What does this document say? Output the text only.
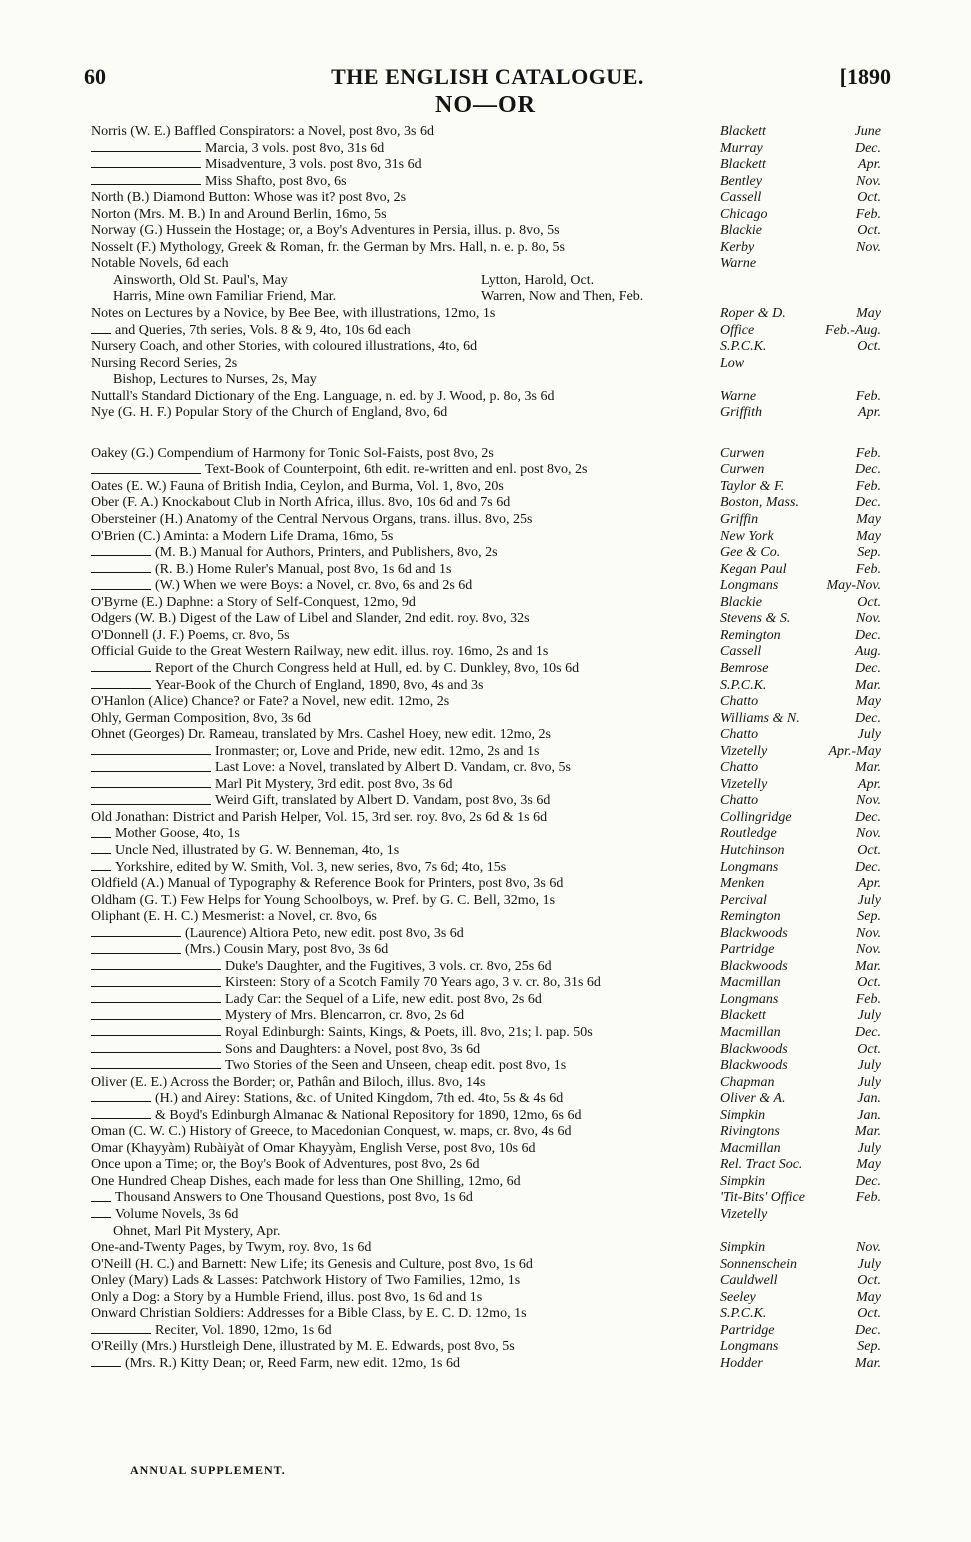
60	THE ENGLISH CATALOGUE.	[1890
NO—OR
Norris (W. E.) Baffled Conspirators: a Novel, post 8vo, 3s 6d	Blackett	June
Marcia, 3 vols. post 8vo, 31s 6d	Murray	Dec.
Misadventure, 3 vols. post 8vo, 31s 6d	Blackett	Apr.
Miss Shafto, post 8vo, 6s	Bentley	Nov.
North (B.) Diamond Button: Whose was it? post 8vo, 2s	Cassell	Oct.
Norton (Mrs. M. B.) In and Around Berlin, 16mo, 5s	Chicago	Feb.
Norway (G.) Hussein the Hostage; or, a Boy's Adventures in Persia, illus. p. 8vo, 5s	Blackie	Oct.
Nosselt (F.) Mythology, Greek & Roman, fr. the German by Mrs. Hall, n. e. p. 8o, 5s	Kerby	Nov.
Notable Novels, 6d each	Warne
Ainsworth, Old St. Paul's, May	Lytton, Harold, Oct.
Harris, Mine own Familiar Friend, Mar.	Warren, Now and Then, Feb.
Notes on Lectures by a Novice, by Bee Bee, with illustrations, 12mo, 1s	Roper & D.	May
and Queries, 7th series, Vols. 8 & 9, 4to, 10s 6d each	Office	Feb.-Aug.
Nursery Coach, and other Stories, with coloured illustrations, 4to, 6d	S.P.C.K.	Oct.
Nursing Record Series, 2s	Low
Bishop, Lectures to Nurses, 2s, May
Nuttall's Standard Dictionary of the Eng. Language, n. ed. by J. Wood, p. 8o, 3s 6d	Warne	Feb.
Nye (G. H. F.) Popular Story of the Church of England, 8vo, 6d	Griffith	Apr.
Oakey (G.) Compendium of Harmony for Tonic Sol-Faists, post 8vo, 2s	Curwen	Feb.
Text-Book of Counterpoint, 6th edit. re-written and enl. post 8vo, 2s	Curwen	Dec.
Oates (E. W.) Fauna of British India, Ceylon, and Burma, Vol. 1, 8vo, 20s	Taylor & F.	Feb.
Ober (F. A.) Knockabout Club in North Africa, illus. 8vo, 10s 6d and 7s 6d	Boston, Mass.	Dec.
Obersteiner (H.) Anatomy of the Central Nervous Organs, trans. illus. 8vo, 25s	Griffin	May
O'Brien (C.) Aminta: a Modern Life Drama, 16mo, 5s	New York	May
(M. B.) Manual for Authors, Printers, and Publishers, 8vo, 2s	Gee & Co.	Sep.
(R. B.) Home Ruler's Manual, post 8vo, 1s 6d and 1s	Kegan Paul	Feb.
(W.) When we were Boys: a Novel, cr. 8vo, 6s and 2s 6d	Longmans	May-Nov.
O'Byrne (E.) Daphne: a Story of Self-Conquest, 12mo, 9d	Blackie	Oct.
Odgers (W. B.) Digest of the Law of Libel and Slander, 2nd edit. roy. 8vo, 32s	Stevens & S.	Nov.
O'Donnell (J. F.) Poems, cr. 8vo, 5s	Remington	Dec.
Official Guide to the Great Western Railway, new edit. illus. roy. 16mo, 2s and 1s	Cassell	Aug.
Report of the Church Congress held at Hull, ed. by C. Dunkley, 8vo, 10s 6d	Bemrose	Dec.
Year-Book of the Church of England, 1890, 8vo, 4s and 3s	S.P.C.K.	Mar.
O'Hanlon (Alice) Chance? or Fate? a Novel, new edit. 12mo, 2s	Chatto	May
Ohly, German Composition, 8vo, 3s 6d	Williams & N.	Dec.
Ohnet (Georges) Dr. Rameau, translated by Mrs. Cashel Hoey, new edit. 12mo, 2s	Chatto	July
Ironmaster; or, Love and Pride, new edit. 12mo, 2s and 1s	Vizetelly	Apr.-May
Last Love: a Novel, translated by Albert D. Vandam, cr. 8vo, 5s	Chatto	Mar.
Marl Pit Mystery, 3rd edit. post 8vo, 3s 6d	Vizetelly	Apr.
Weird Gift, translated by Albert D. Vandam, post 8vo, 3s 6d	Chatto	Nov.
Old Jonathan: District and Parish Helper, Vol. 15, 3rd ser. roy. 8vo, 2s 6d & 1s 6d	Collingridge	Dec.
Mother Goose, 4to, 1s	Routledge	Nov.
Uncle Ned, illustrated by G. W. Benneman, 4to, 1s	Hutchinson	Oct.
Yorkshire, edited by W. Smith, Vol. 3, new series, 8vo, 7s 6d; 4to, 15s	Longmans	Dec.
Oldfield (A.) Manual of Typography & Reference Book for Printers, post 8vo, 3s 6d	Menken	Apr.
Oldham (G. T.) Few Helps for Young Schoolboys, w. Pref. by G. C. Bell, 32mo, 1s	Percival	July
Oliphant (E. H. C.) Mesmerist: a Novel, cr. 8vo, 6s	Remington	Sep.
(Laurence) Altiora Peto, new edit. post 8vo, 3s 6d	Blackwoods	Nov.
(Mrs.) Cousin Mary, post 8vo, 3s 6d	Partridge	Nov.
Duke's Daughter, and the Fugitives, 3 vols. cr. 8vo, 25s 6d	Blackwoods	Mar.
Kirsteen: Story of a Scotch Family 70 Years ago, 3 v. cr. 8o, 31s 6d	Macmillan	Oct.
Lady Car: the Sequel of a Life, new edit. post 8vo, 2s 6d	Longmans	Feb.
Mystery of Mrs. Blencarron, cr. 8vo, 2s 6d	Blackett	July
Royal Edinburgh: Saints, Kings, & Poets, ill. 8vo, 21s; l. pap. 50s	Macmillan	Dec.
Sons and Daughters: a Novel, post 8vo, 3s 6d	Blackwoods	Oct.
Two Stories of the Seen and Unseen, cheap edit. post 8vo, 1s	Blackwoods	July
Oliver (E. E.) Across the Border; or, Pathân and Biloch, illus. 8vo, 14s	Chapman	July
(H.) and Airey: Stations, &c. of United Kingdom, 7th ed. 4to, 5s & 4s 6d	Oliver & A.	Jan.
& Boyd's Edinburgh Almanac & National Repository for 1890, 12mo, 6s 6d	Simpkin	Jan.
Oman (C. W. C.) History of Greece, to Macedonian Conquest, w. maps, cr. 8vo, 4s 6d	Rivingtons	Mar.
Omar (Khayyàm) Rubàiyàt of Omar Khayyàm, English Verse, post 8vo, 10s 6d	Macmillan	July
Once upon a Time; or, the Boy's Book of Adventures, post 8vo, 2s 6d	Rel. Tract Soc.	May
One Hundred Cheap Dishes, each made for less than One Shilling, 12mo, 6d	Simpkin	Dec.
Thousand Answers to One Thousand Questions, post 8vo, 1s 6d	'Tit-Bits' Office	Feb.
Volume Novels, 3s 6d	Vizetelly
Ohnet, Marl Pit Mystery, Apr.
One-and-Twenty Pages, by Twym, roy. 8vo, 1s 6d	Simpkin	Nov.
O'Neill (H. C.) and Barnett: New Life; its Genesis and Culture, post 8vo, 1s 6d	Sonnenschein	July
Onley (Mary) Lads & Lasses: Patchwork History of Two Families, 12mo, 1s	Cauldwell	Oct.
Only a Dog: a Story by a Humble Friend, illus. post 8vo, 1s 6d and 1s	Seeley	May
Onward Christian Soldiers: Addresses for a Bible Class, by E. C. D. 12mo, 1s	S.P.C.K.	Oct.
Reciter, Vol. 1890, 12mo, 1s 6d	Partridge	Dec.
O'Reilly (Mrs.) Hurstleigh Dene, illustrated by M. E. Edwards, post 8vo, 5s	Longmans	Sep.
(Mrs. R.) Kitty Dean; or, Reed Farm, new edit. 12mo, 1s 6d	Hodder	Mar.
ANNUAL SUPPLEMENT.
